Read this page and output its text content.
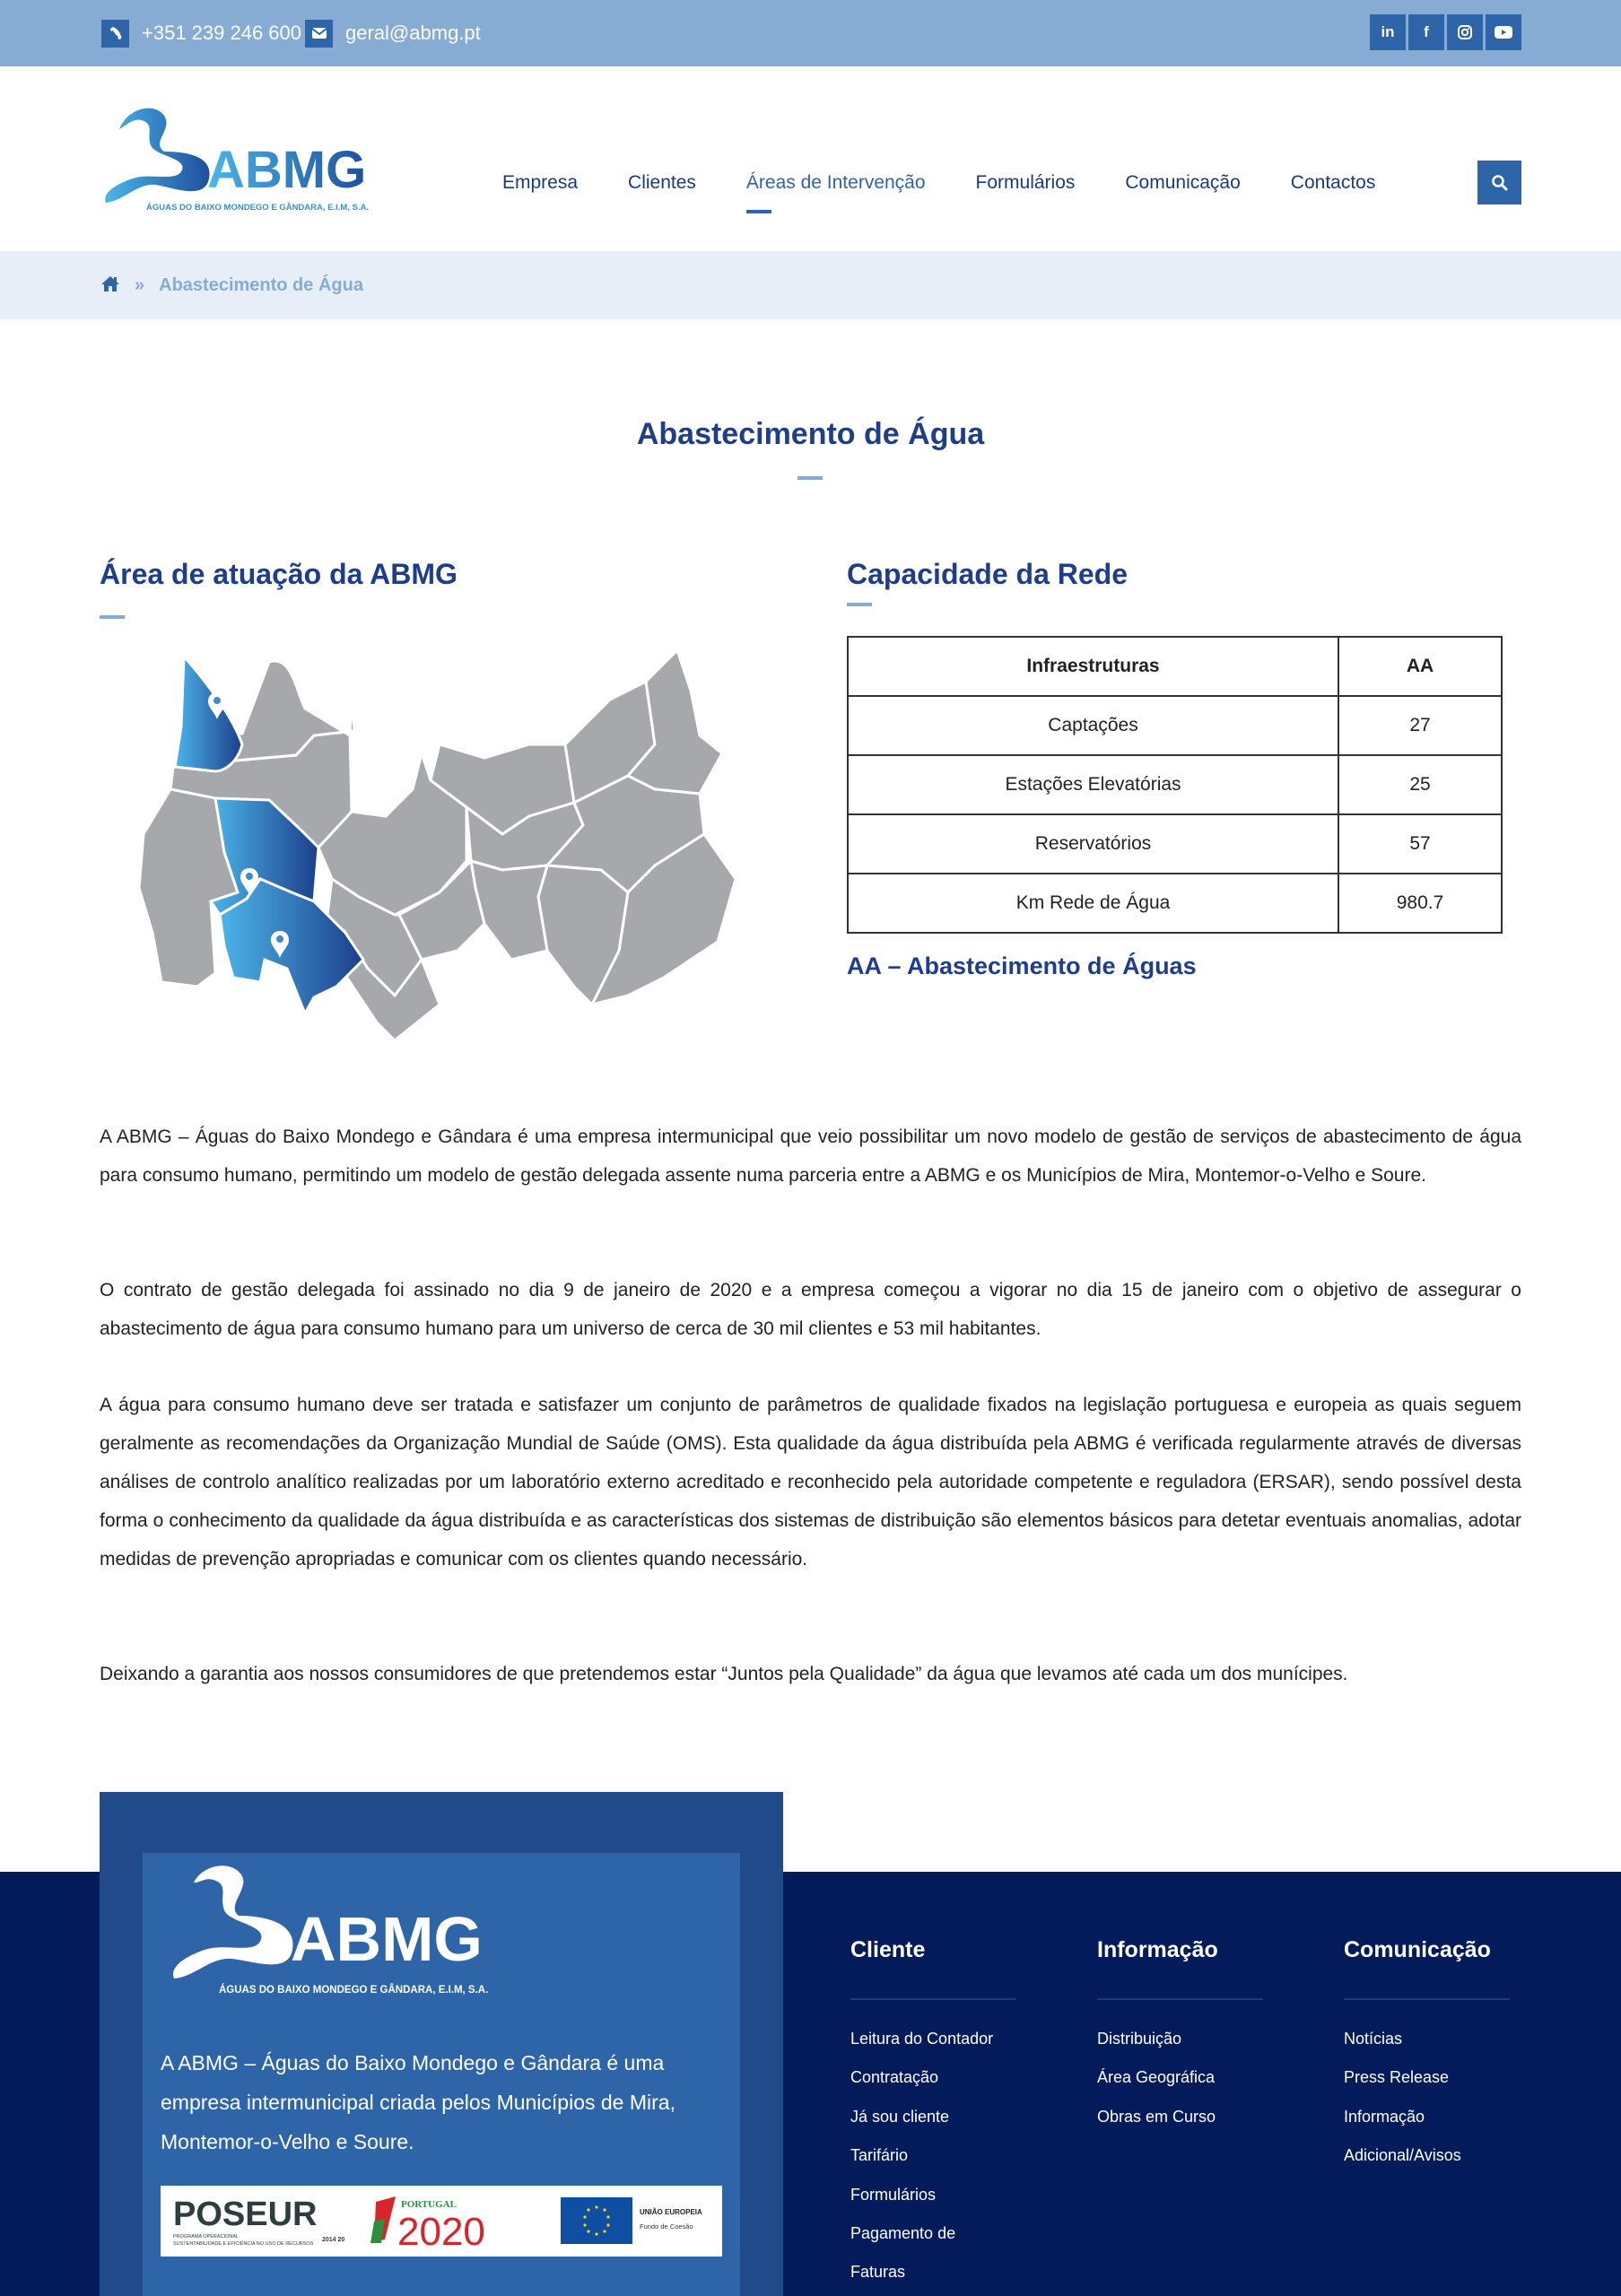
+351 239 246 600 geral@abmg.pt	in	f
ABMG
ÁGUAS DO BAIXO MONDEGO E GÂNDARA, E.I.M, S.A.
Empresa	Clientes	Áreas de Intervenção	Formulários	Comunicação	Contactos
» Abastecimento de Água
Abastecimento de Água
Área de atuação da ABMG	Capacidade da Rede
Infraestruturas	AA
Captações	27
Estações Elevatórias	25
Reservatórios	57
Km Rede de Água	980.7
AA – Abastecimento de Águas

A ABMG – Águas do Baixo Mondego e Gândara é uma empresa intermunicipal que veio possibilitar um novo modelo de gestão de serviços de abastecimento de água para consumo humano, permitindo um modelo de gestão delegada assente numa parceria entre a ABMG e os Municípios de Mira, Montemor-o-Velho e Soure.

O contrato de gestão delegada foi assinado no dia 9 de janeiro de 2020 e a empresa começou a vigorar no dia 15 de janeiro com o objetivo de assegurar o abastecimento de água para consumo humano para um universo de cerca de 30 mil clientes e 53 mil habitantes.

A água para consumo humano deve ser tratada e satisfazer um conjunto de parâmetros de qualidade fixados na legislação portuguesa e europeia as quais seguem geralmente as recomendações da Organização Mundial de Saúde (OMS). Esta qualidade da água distribuída pela ABMG é verificada regularmente através de diversas análises de controlo analítico realizadas por um laboratório externo acreditado e reconhecido pela autoridade competente e reguladora (ERSAR), sendo possível desta forma o conhecimento da qualidade da água distribuída e as características dos sistemas de distribuição são elementos básicos para detetar eventuais anomalias, adotar medidas de prevenção apropriadas e comunicar com os clientes quando necessário.

Deixando a garantia aos nossos consumidores de que pretendemos estar “Juntos pela Qualidade” da água que levamos até cada um dos munícipes.

ABMG
ÁGUAS DO BAIXO MONDEGO E GÂNDARA, E.I.M, S.A.

A ABMG – Águas do Baixo Mondego e Gândara é uma empresa intermunicipal criada pelos Municípios de Mira, Montemor-o-Velho e Soure.

POSEUR
PROGRAMA OPERACIONAL
SUSTENTABILIDADE E EFICIÊNCIA NO USO DE RECURSOS
2014 20
PORTUGAL
2020	UNIÃO EUROPEIA
Fundo de Coesão
Cliente
Leitura do Contador
Contratação
Já sou cliente
Tarifário
Formulários
Pagamento de
Faturas
Informação
Distribuição
Área Geográfica
Obras em Curso
Comunicação
Notícias
Press Release
Informação
Adicional/Avisos
